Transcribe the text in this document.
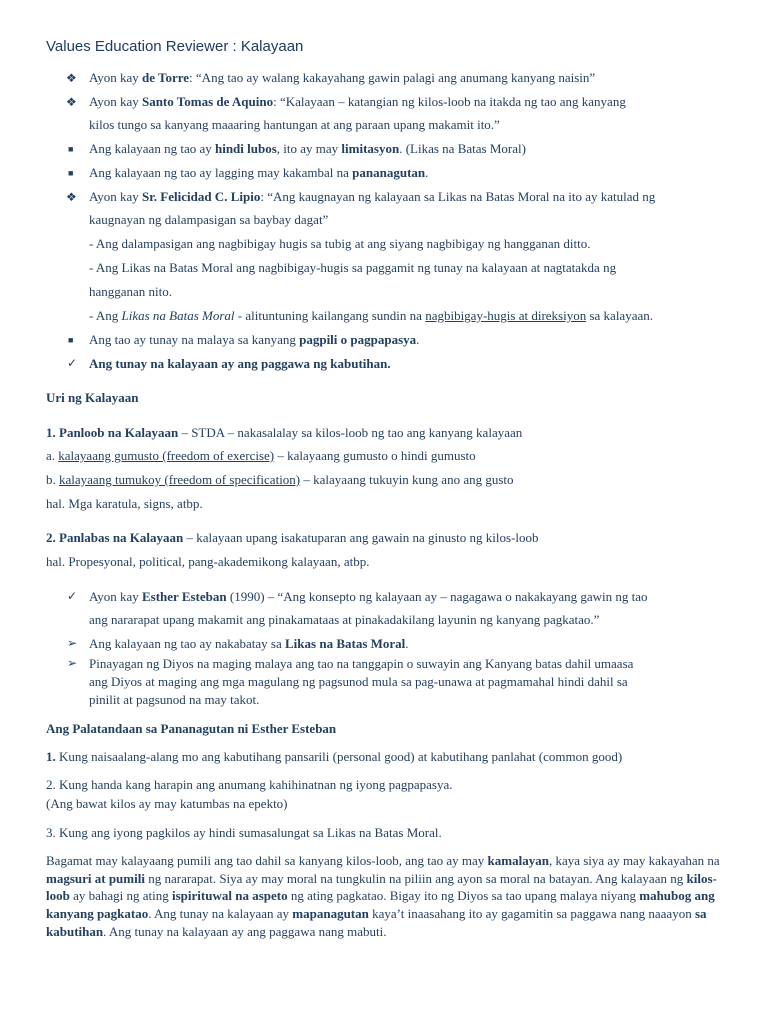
Values Education Reviewer : Kalayaan
❖ Ayon kay de Torre: “Ang tao ay walang kakayahang gawin palagi ang anumang kanyang naisin”
❖ Ayon kay Santo Tomas de Aquino: “Kalayaan – katangian ng kilos-loob na itakda ng tao ang kanyang
kilos tungo sa kanyang maaaring hantungan at ang paraan upang makamit ito.”
■ Ang kalayaan ng tao ay hindi lubos, ito ay may limitasyon. (Likas na Batas Moral)
■ Ang kalayaan ng tao ay lagging may kakambal na pananagutan.
❖ Ayon kay Sr. Felicidad C. Lipio: “Ang kaugnayan ng kalayaan sa Likas na Batas Moral na ito ay katulad ng
kaugnayan ng dalampasigan sa baybay dagat”
- Ang dalampasigan ang nagbibigay hugis sa tubig at ang siyang nagbibigay ng hangganan ditto.
- Ang Likas na Batas Moral ang nagbibigay-hugis sa paggamit ng tunay na kalayaan at nagtatakda ng
hangganan nito.
- Ang Likas na Batas Moral - alituntuning kailangang sundin na nagbibigay-hugis at direksiyon sa kalayaan.
■ Ang tao ay tunay na malaya sa kanyang pagpili o pagpapasya.
✓ Ang tunay na kalayaan ay ang paggawa ng kabutihan.
Uri ng Kalayaan
1. Panloob na Kalayaan – STDA – nakasalalay sa kilos-loob ng tao ang kanyang kalayaan
a. kalayaang gumusto (freedom of exercise) – kalayaang gumusto o hindi gumusto
b. kalayaang tumukoy (freedom of specification) – kalayaang tukuyin kung ano ang gusto
hal. Mga karatula, signs, atbp.
2. Panlabas na Kalayaan – kalayaan upang isakatuparan ang gawain na ginusto ng kilos-loob
hal. Propesyonal, political, pang-akademikong kalayaan, atbp.
✓ Ayon kay Esther Esteban (1990) – “Ang konsepto ng kalayaan ay – nagagawa o nakakayang gawin ng tao
ang nararapat upang makamit ang pinakamataas at pinakadakilang layunin ng kanyang pagkatao.”
➢ Ang kalayaan ng tao ay nakabatay sa Likas na Batas Moral.
➢ Pinayagan ng Diyos na maging malaya ang tao na tanggapin o suwayin ang Kanyang batas dahil umaasa
ang Diyos at maging ang mga magulang ng pagsunod mula sa pag-unawa at pagmamahal hindi dahil sa
pinilit at pagsunod na may takot.
Ang Palatandaan sa Pananagutan ni Esther Esteban
1. Kung naisaalang-alang mo ang kabutihang pansarili (personal good) at kabutihang panlahat (common good)
2. Kung handa kang harapin ang anumang kahihinatnan ng iyong pagpapasya.
(Ang bawat kilos ay may katumbas na epekto)
3. Kung ang iyong pagkilos ay hindi sumasalungat sa Likas na Batas Moral.
Bagamat may kalayaang pumili ang tao dahil sa kanyang kilos-loob, ang tao ay may kamalayan, kaya siya ay may kakayahan na magsuri at pumili ng nararapat. Siya ay may moral na tungkulin na piliin ang ayon sa moral na batayan. Ang kalayaan ng kilos-loob ay bahagi ng ating ispirituwal na aspeto ng ating pagkatao. Bigay ito ng Diyos sa tao upang malaya niyang mahubog ang kanyang pagkatao. Ang tunay na kalayaan ay mapanagutan kaya’t inaasahang ito ay gagamitin sa paggawa nang naaayon sa kabutihan. Ang tunay na kalayaan ay ang paggawa nang mabuti.
